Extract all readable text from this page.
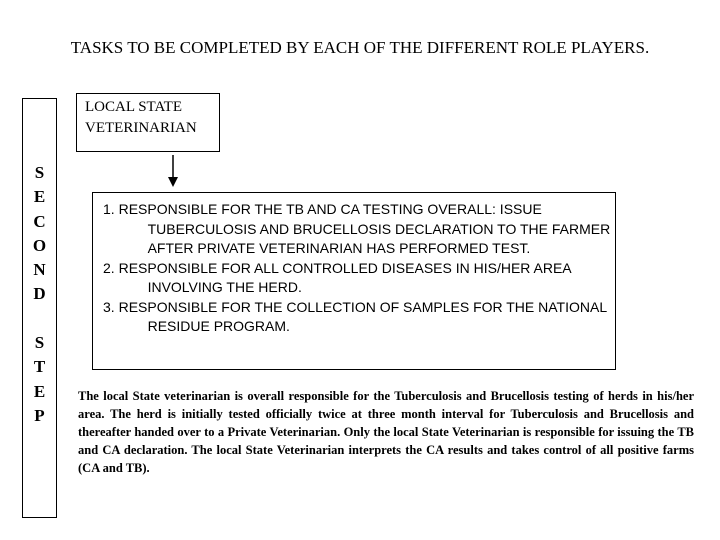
TASKS TO BE COMPLETED BY EACH OF THE DIFFERENT ROLE PLAYERS.
S
E
C
O
N
D
S
T
E
P
LOCAL STATE
VETERINARIAN
1. RESPONSIBLE FOR THE TB AND CA TESTING OVERALL: ISSUE TUBERCULOSIS AND BRUCELLOSIS DECLARATION TO THE FARMER AFTER PRIVATE VETERINARIAN HAS PERFORMED TEST.
2. RESPONSIBLE FOR ALL CONTROLLED DISEASES IN HIS/HER AREA INVOLVING THE HERD.
3. RESPONSIBLE FOR THE COLLECTION OF SAMPLES FOR THE NATIONAL RESIDUE PROGRAM.
The local State veterinarian is overall responsible for the Tuberculosis and Brucellosis testing of herds in his/her area. The herd is initially tested officially twice at three month interval for Tuberculosis and Brucellosis and thereafter handed over to a Private Veterinarian. Only the local State Veterinarian is responsible for issuing the TB and CA declaration. The local State Veterinarian interprets the CA results and takes control of all positive farms (CA and TB).
